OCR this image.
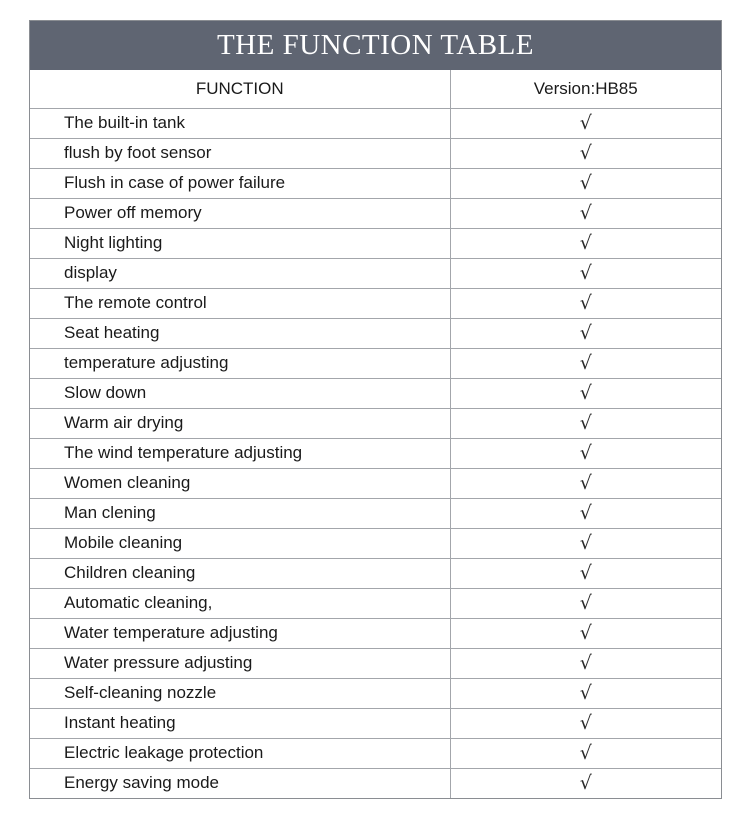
THE FUNCTION TABLE
FUNCTION	Version:HB85
The built-in tank	√
flush by foot sensor	√
Flush in case of power failure	√
Power off memory	√
Night lighting	√
display	√
The remote control	√
Seat heating	√
temperature adjusting	√
Slow down	√
Warm air drying	√
The wind temperature adjusting	√
Women cleaning	√
Man clening	√
Mobile cleaning	√
Children cleaning	√
Automatic cleaning,	√
Water temperature adjusting	√
Water pressure adjusting	√
Self-cleaning nozzle	√
Instant heating	√
Electric leakage protection	√
Energy saving mode	√
